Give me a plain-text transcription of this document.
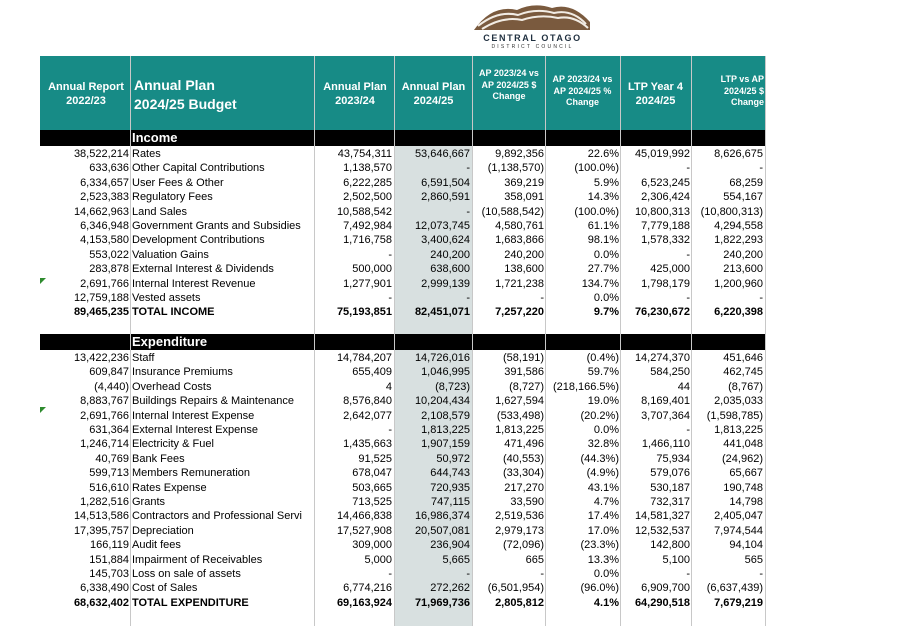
CENTRAL OTAGO
DISTRICT COUNCIL
Annual Report 2022/23
Annual Plan
2024/25 Budget
Annual Plan 2023/24
Annual Plan 2024/25
AP 2023/24 vs AP 2024/25 $ Change
AP 2023/24 vs AP 2024/25 % Change
LTP Year 4 2024/25
LTP vs AP 2024/25 $ Change
Income
38,522,214 Rates	43,754,311	53,646,667	9,892,356	22.6%	45,019,992	8,626,675
633,636 Other Capital Contributions	1,138,570	-	(1,138,570)	(100.0%)	-	-
6,334,657 User Fees & Other	6,222,285	6,591,504	369,219	5.9%	6,523,245	68,259
2,523,383 Regulatory Fees	2,502,500	2,860,591	358,091	14.3%	2,306,424	554,167
14,662,963 Land Sales	10,588,542	-	(10,588,542)	(100.0%)	10,800,313 (10,800,313)
6,346,948 Government Grants and Subsidies	7,492,984	12,073,745	4,580,761	61.1%	7,779,188	4,294,558
4,153,580 Development Contributions	1,716,758	3,400,624	1,683,866	98.1%	1,578,332	1,822,293
553,022 Valuation Gains	-	240,200	240,200	0.0%	-	240,200
283,878 External Interest & Dividends	500,000	638,600	138,600	27.7%	425,000	213,600
2,691,766 Internal Interest Revenue	1,277,901	2,999,139	1,721,238	134.7%	1,798,179	1,200,960
12,759,188 Vested assets	-	-	-	0.0%	-	-
89,465,235 TOTAL INCOME	75,193,851	82,451,071	7,257,220	9.7%	76,230,672	6,220,398
Expenditure
13,422,236 Staff	14,784,207	14,726,016	(58,191)	(0.4%)	14,274,370	451,646
609,847 Insurance Premiums	655,409	1,046,995	391,586	59.7%	584,250	462,745
(4,440) Overhead Costs	4	(8,723)	(8,727) (218,166.5%)	44	(8,767)
8,883,767 Buildings Repairs & Maintenance	8,576,840	10,204,434	1,627,594	19.0%	8,169,401	2,035,033
2,691,766 Internal Interest Expense	2,642,077	2,108,579	(533,498)	(20.2%)	3,707,364	(1,598,785)
631,364 External Interest Expense	-	1,813,225	1,813,225	0.0%	-	1,813,225
1,246,714 Electricity & Fuel	1,435,663	1,907,159	471,496	32.8%	1,466,110	441,048
40,769 Bank Fees	91,525	50,972	(40,553)	(44.3%)	75,934	(24,962)
599,713 Members Remuneration	678,047	644,743	(33,304)	(4.9%)	579,076	65,667
516,610 Rates Expense	503,665	720,935	217,270	43.1%	530,187	190,748
1,282,516 Grants	713,525	747,115	33,590	4.7%	732,317	14,798
14,513,586 Contractors and Professional Servi	14,466,838	16,986,374	2,519,536	17.4%	14,581,327	2,405,047
17,395,757 Depreciation	17,527,908	20,507,081	2,979,173	17.0%	12,532,537	7,974,544
166,119 Audit fees	309,000	236,904	(72,096)	(23.3%)	142,800	94,104
151,884 Impairment of Receivables	5,000	5,665	665	13.3%	5,100	565
145,703 Loss on sale of assets	-	-	-	0.0%	-	-
6,338,490 Cost of Sales	6,774,216	272,262	(6,501,954)	(96.0%)	6,909,700	(6,637,439)
68,632,402 TOTAL EXPENDITURE	69,163,924	71,969,736	2,805,812	4.1%	64,290,518	7,679,219
